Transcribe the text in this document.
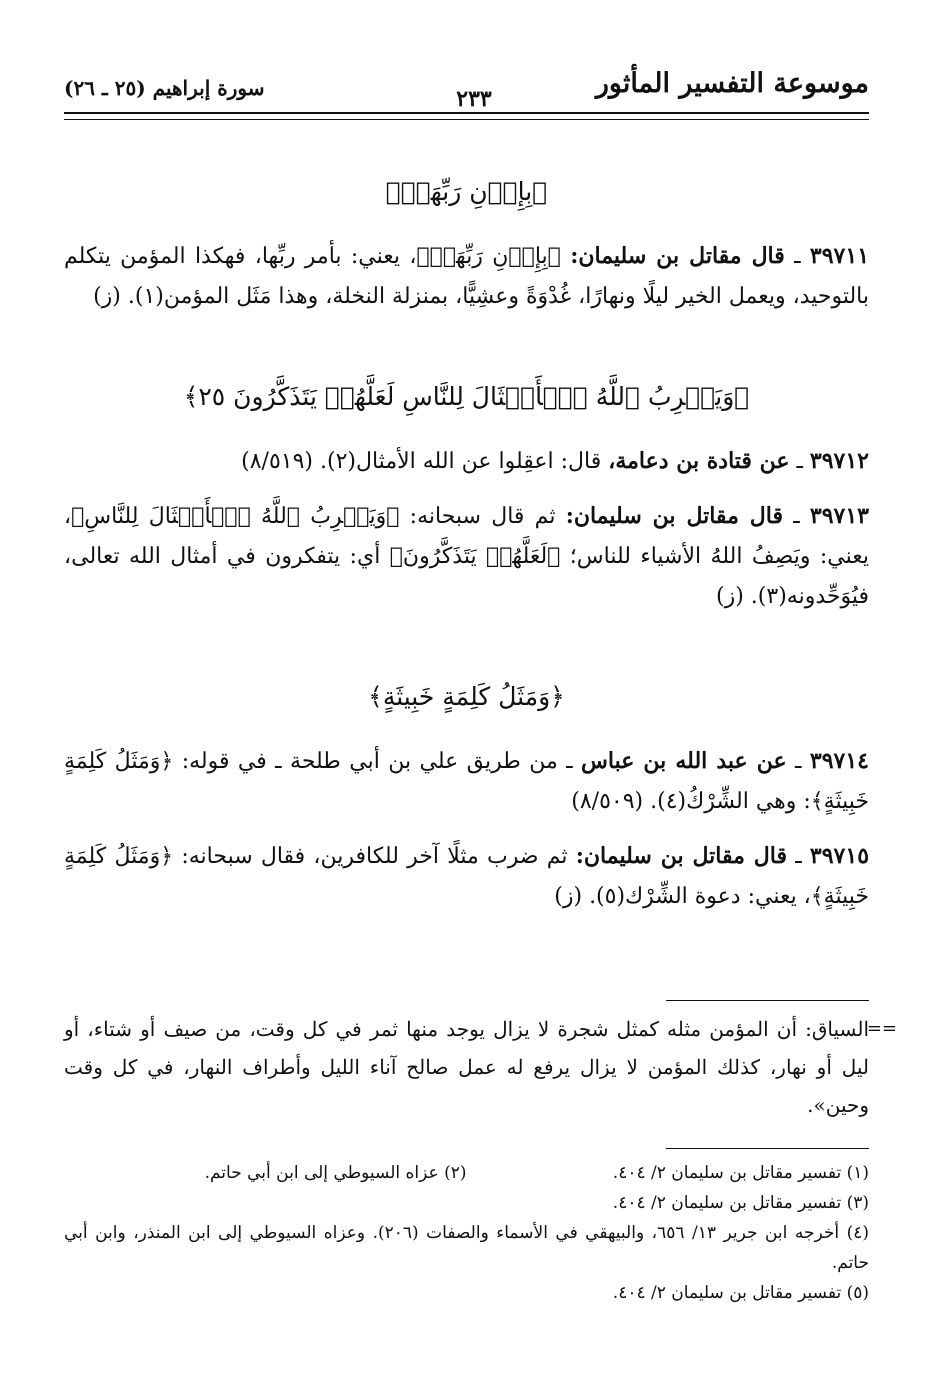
موسوعة التفسير المأثور
٢٣٣
سورة إبراهيم (٢٥ ـ ٢٦)
﴿بِإِذۡنِ رَبِّهَاۗ﴾

٣٩٧١١ ـ قال مقاتل بن سليمان: ﴿بِإِذۡنِ رَبِّهَاۗ﴾، يعني: بأمر ربِّها، فهكذا المؤمن يتكلم بالتوحيد، ويعمل الخير ليلًا ونهارًا، غُدْوَةً وعشِيًّا، بمنزلة النخلة، وهذا مَثَل المؤمن(١). (ز)

﴿وَيَضۡرِبُ ٱللَّهُ ٱلۡأَمۡثَالَ لِلنَّاسِ لَعَلَّهُمۡ يَتَذَكَّرُونَ ٢٥﴾

٣٩٧١٢ ـ عن قتادة بن دعامة، قال: اعقِلوا عن الله الأمثال(٢). (٨/٥١٩)

٣٩٧١٣ ـ قال مقاتل بن سليمان: ثم قال سبحانه: ﴿وَيَضۡرِبُ ٱللَّهُ ٱلۡأَمۡثَالَ لِلنَّاسِ﴾، يعني: ويَصِفُ اللهُ الأشياء للناس؛ ﴿لَعَلَّهُمۡ يَتَذَكَّرُونَ﴾ أي: يتفكرون في أمثال الله تعالى، فيُوَحِّدونه(٣). (ز)

﴿وَمَثَلُ كَلِمَةٍ خَبِيثَةٍ﴾

٣٩٧١٤ ـ عن عبد الله بن عباس ـ من طريق علي بن أبي طلحة ـ في قوله: ﴿وَمَثَلُ كَلِمَةٍ خَبِيثَةٍ﴾: وهي الشِّرْكُ(٤). (٨/٥٠٩)

٣٩٧١٥ ـ قال مقاتل بن سليمان: ثم ضرب مثلًا آخر للكافرين، فقال سبحانه: ﴿وَمَثَلُ كَلِمَةٍ خَبِيثَةٍ﴾، يعني: دعوة الشِّرْك(٥). (ز)

==
السياق: أن المؤمن مثله كمثل شجرة لا يزال يوجد منها ثمر في كل وقت، من صيف أو شتاء، أو ليل أو نهار، كذلك المؤمن لا يزال يرفع له عمل صالح آناء الليل وأطراف النهار، في كل وقت وحين».
(١) تفسير مقاتل بن سليمان ٢/ ٤٠٤.
(٢) عزاه السيوطي إلى ابن أبي حاتم.
(٣) تفسير مقاتل بن سليمان ٢/ ٤٠٤.
(٤) أخرجه ابن جرير ١٣/ ٦٥٦، والبيهقي في الأسماء والصفات (٢٠٦). وعزاه السيوطي إلى ابن المنذر، وابن أبي حاتم.
(٥) تفسير مقاتل بن سليمان ٢/ ٤٠٤.
